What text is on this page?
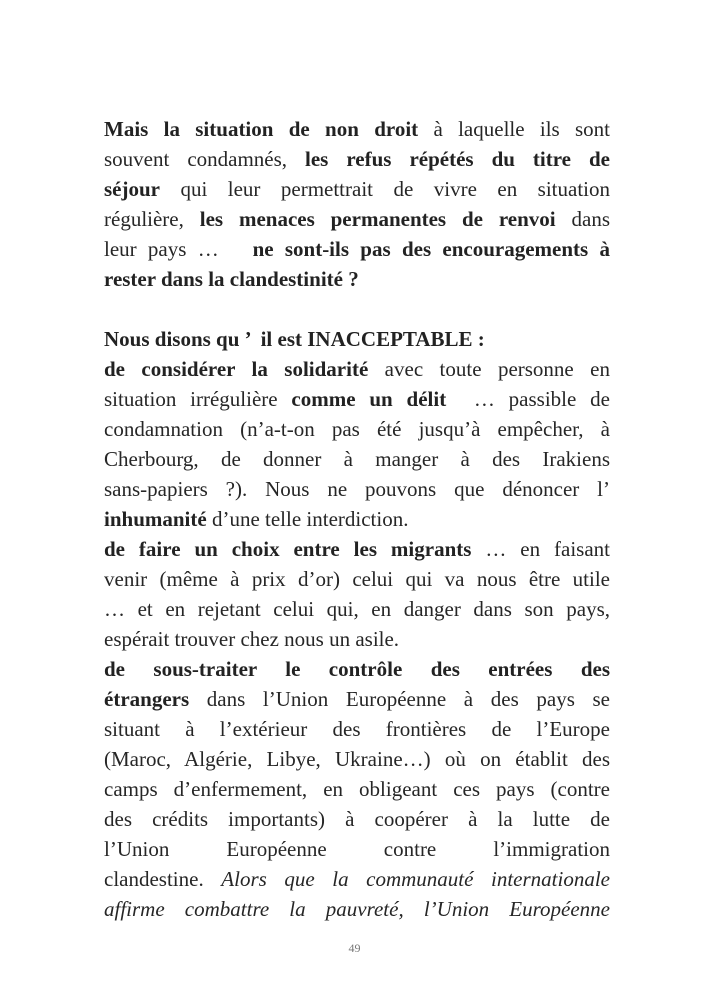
Mais la situation de non droit à laquelle ils sont
souvent condamnés, les refus répétés du titre de
séjour qui leur permettrait de vivre en situation
régulière, les menaces permanentes de renvoi dans
leur pays …   ne sont-ils pas des encouragements à
rester dans la clandestinité ?
Nous disons qu ’  il est INACCEPTABLE :
de considérer la solidarité avec toute personne en
situation irrégulière comme un délit  … passible de
condamnation (n’a-t-on pas été jusqu’à empêcher, à
Cherbourg, de donner à manger à des Irakiens
sans-papiers ?). Nous ne pouvons que dénoncer l’
inhumanité d’une telle interdiction.
de faire un choix entre les migrants … en faisant
venir (même à prix d’or) celui qui va nous être utile
… et en rejetant celui qui, en danger dans son pays,
espérait trouver chez nous un asile.
de sous-traiter le contrôle des entrées des
étrangers dans l’Union Européenne à des pays se
situant à l’extérieur des frontières de l’Europe
(Maroc, Algérie, Libye, Ukraine…) où on établit des
camps d’enfermement, en obligeant ces pays (contre
des crédits importants) à coopérer à la lutte de
l’Union Européenne contre l’immigration
clandestine. Alors que la communauté internationale
affirme combattre la pauvreté, l’Union Européenne
49
